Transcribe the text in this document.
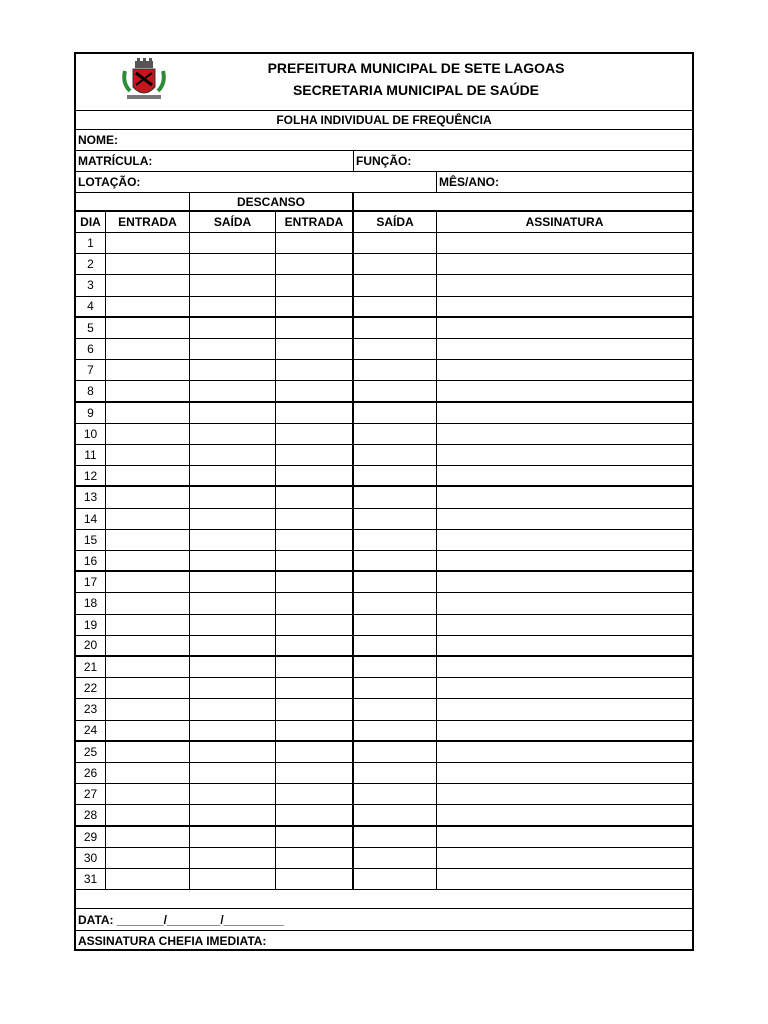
PREFEITURA MUNICIPAL DE SETE LAGOAS
SECRETARIA MUNICIPAL DE SAÚDE
FOLHA INDIVIDUAL DE FREQUÊNCIA
NOME:
MATRÍCULA:	FUNÇÃO:
LOTAÇÃO:	MÊS/ANO:
DESCANSO
DIA	ENTRADA	SAÍDA	ENTRADA	SAÍDA	ASSINATURA
1
2
3
4
5
6
7
8
9
10
11
12
13
14
15
16
17
18
19
20
21
22
23
24
25
26
27
28
29
30
31
DATA: _______/________/_________
ASSINATURA CHEFIA IMEDIATA:
